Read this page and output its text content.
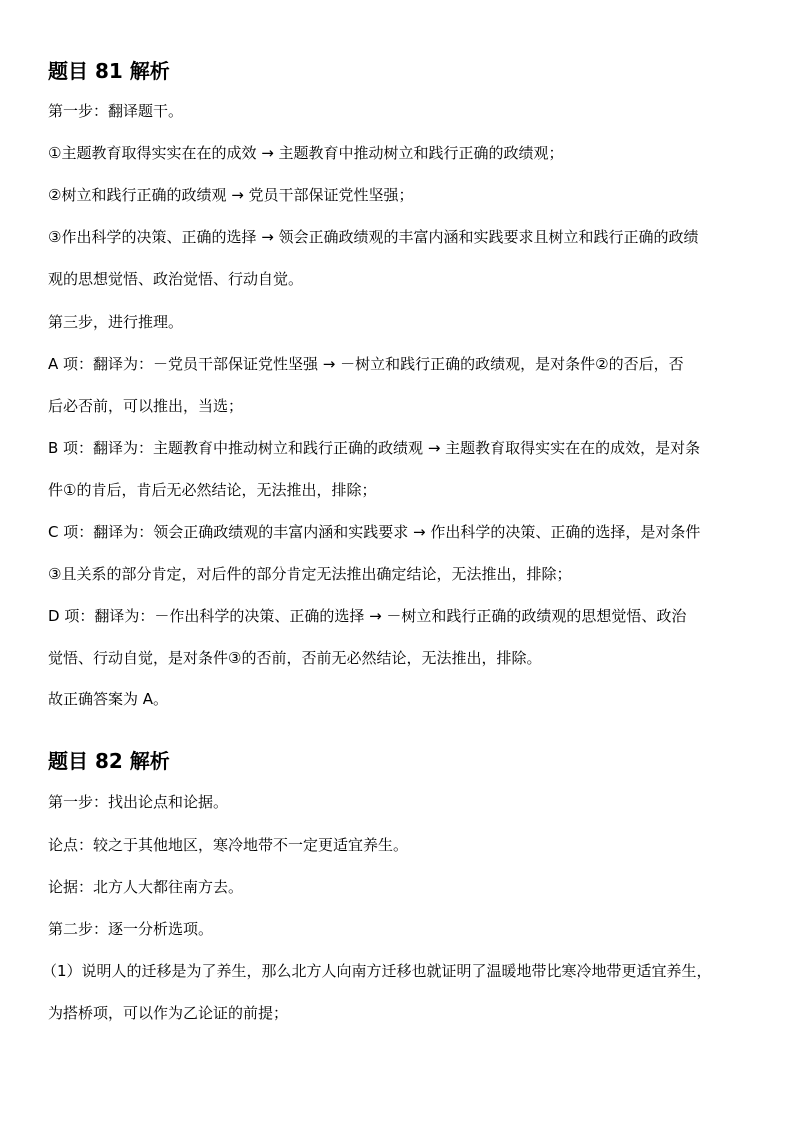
题目 81 解析
第一步：翻译题干。
①主题教育取得实实在在的成效 → 主题教育中推动树立和践行正确的政绩观；
②树立和践行正确的政绩观 → 党员干部保证党性坚强；
③作出科学的决策、正确的选择 → 领会正确政绩观的丰富内涵和实践要求且树立和践行正确的政绩
观的思想觉悟、政治觉悟、行动自觉。
第三步，进行推理。
A 项：翻译为：－党员干部保证党性坚强 → －树立和践行正确的政绩观，是对条件②的否后，否
后必否前，可以推出，当选；
B 项：翻译为：主题教育中推动树立和践行正确的政绩观 → 主题教育取得实实在在的成效，是对条
件①的肯后，肯后无必然结论，无法推出，排除；
C 项：翻译为：领会正确政绩观的丰富内涵和实践要求 → 作出科学的决策、正确的选择，是对条件
③且关系的部分肯定，对后件的部分肯定无法推出确定结论，无法推出，排除；
D 项：翻译为：－作出科学的决策、正确的选择 → －树立和践行正确的政绩观的思想觉悟、政治
觉悟、行动自觉，是对条件③的否前，否前无必然结论，无法推出，排除。
故正确答案为 A。
题目 82 解析
第一步：找出论点和论据。
论点：较之于其他地区，寒冷地带不一定更适宜养生。
论据：北方人大都往南方去。
第二步：逐一分析选项。
（1）说明人的迁移是为了养生，那么北方人向南方迁移也就证明了温暖地带比寒冷地带更适宜养生，
为搭桥项，可以作为乙论证的前提；
